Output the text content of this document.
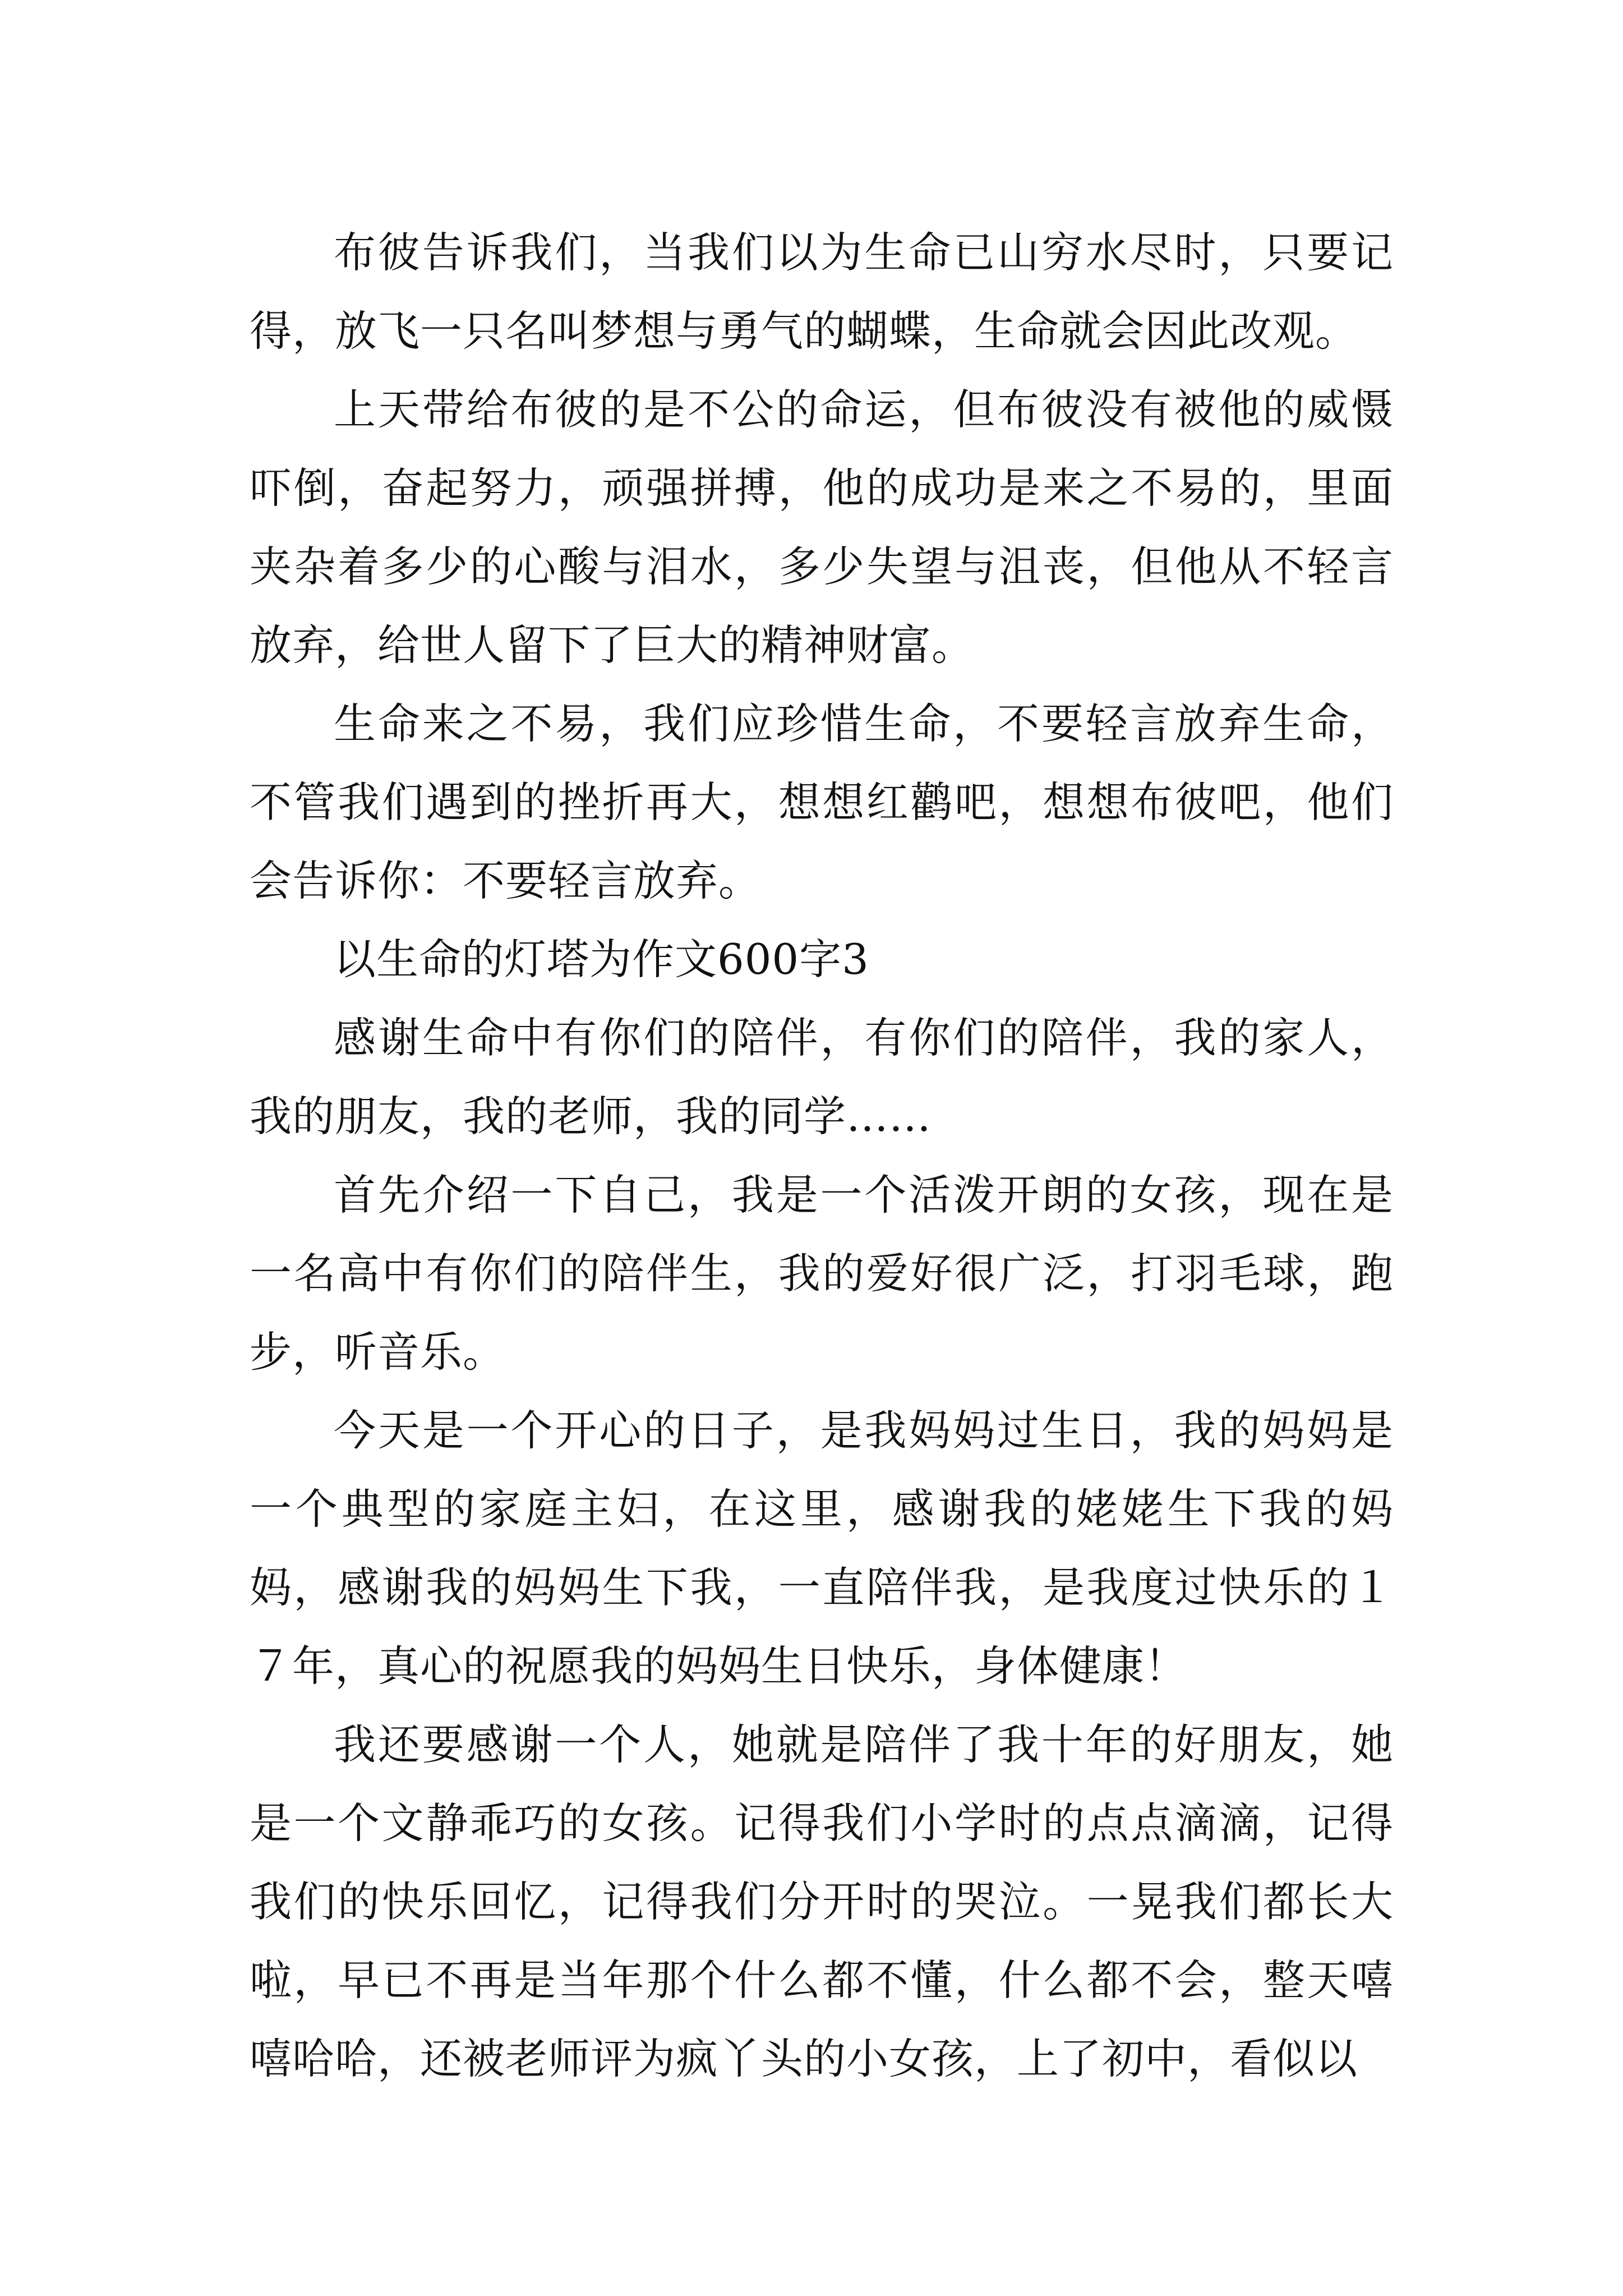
布彼告诉我们，当我们以为生命已山穷水尽时，只要记得，放飞一只名叫梦想与勇气的蝴蝶，生命就会因此改观。

上天带给布彼的是不公的命运，但布彼没有被他的威慑吓倒，奋起努力，顽强拼搏，他的成功是来之不易的，里面夹杂着多少的心酸与泪水，多少失望与沮丧，但他从不轻言放弃，给世人留下了巨大的精神财富。

生命来之不易，我们应珍惜生命，不要轻言放弃生命，不管我们遇到的挫折再大，想想红鹳吧，想想布彼吧，他们会告诉你：不要轻言放弃。

以生命的灯塔为作文600字3

感谢生命中有你们的陪伴，有你们的陪伴，我的家人，我的朋友，我的老师，我的同学……

首先介绍一下自己，我是一个活泼开朗的女孩，现在是一名高中有你们的陪伴生，我的爱好很广泛，打羽毛球，跑步，听音乐。

今天是一个开心的日子，是我妈妈过生日，我的妈妈是一个典型的家庭主妇，在这里，感谢我的姥姥生下我的妈妈，感谢我的妈妈生下我，一直陪伴我，是我度过快乐的１７年，真心的祝愿我的妈妈生日快乐，身体健康！

我还要感谢一个人，她就是陪伴了我十年的好朋友，她是一个文静乖巧的女孩。记得我们小学时的点点滴滴，记得我们的快乐回忆，记得我们分开时的哭泣。一晃我们都长大啦，早已不再是当年那个什么都不懂，什么都不会，整天嘻嘻哈哈，还被老师评为疯丫头的小女孩，上了初中，看似以
